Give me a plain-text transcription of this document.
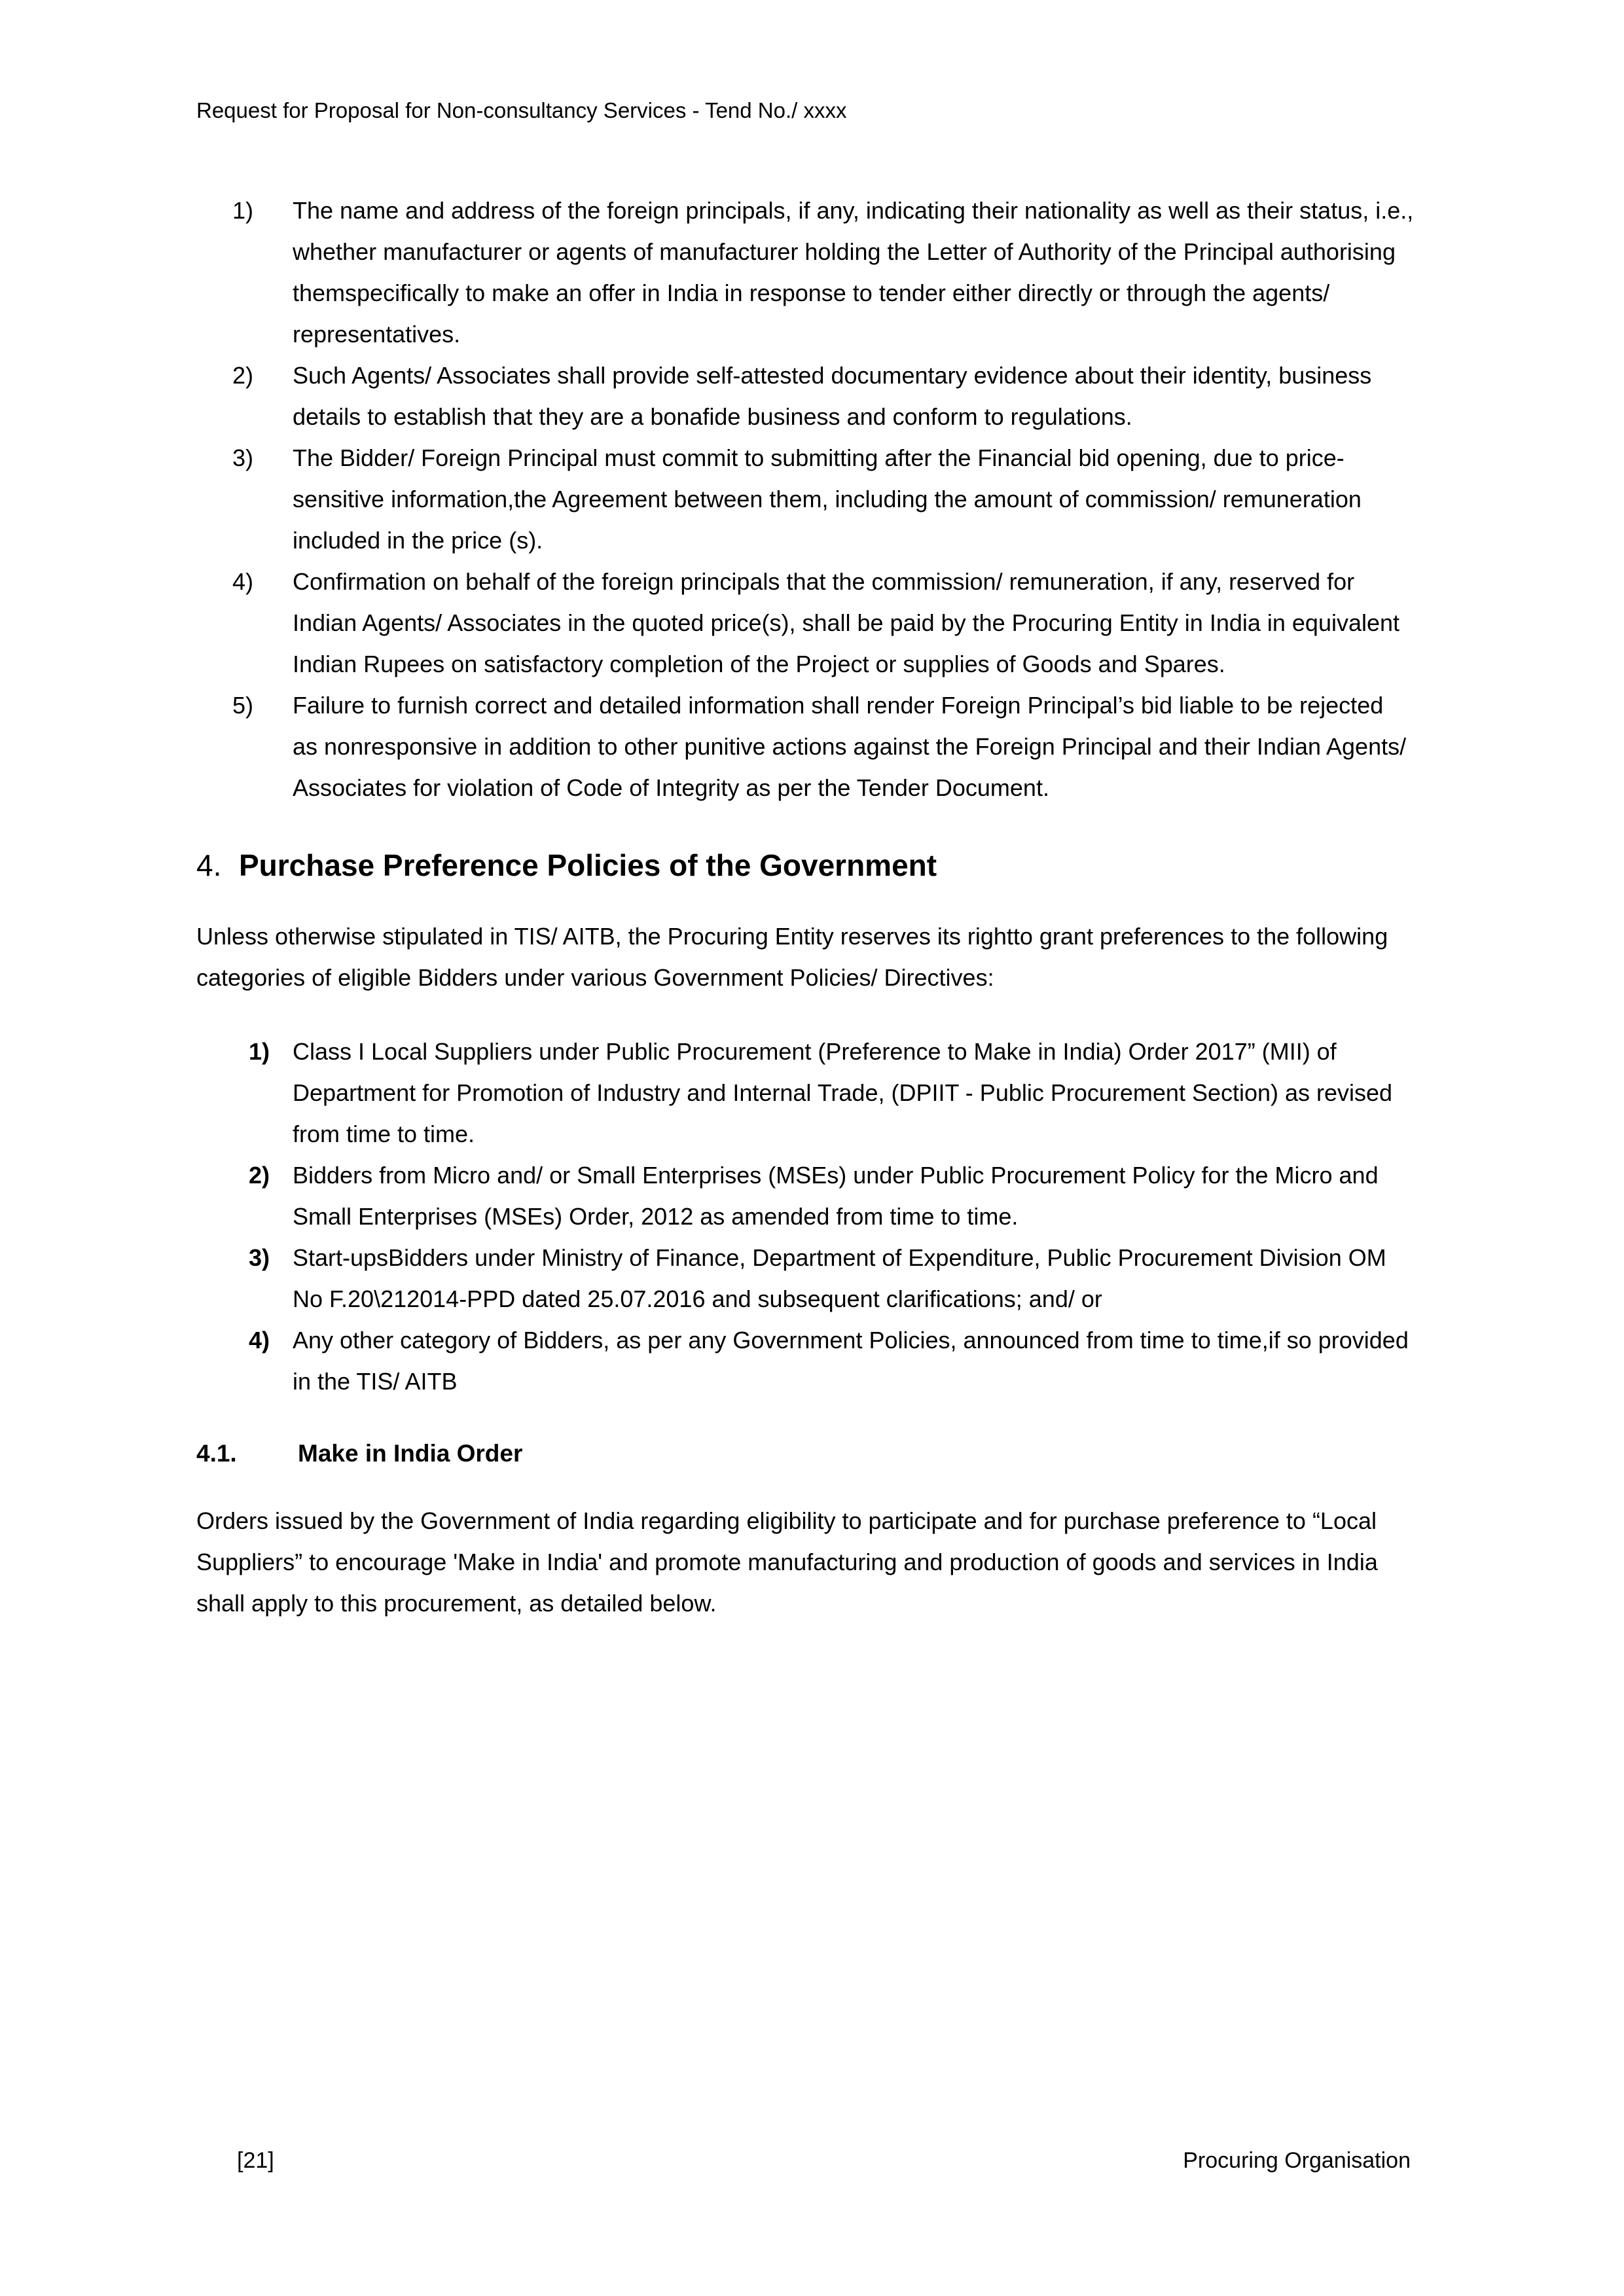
Request for Proposal for Non-consultancy Services - Tend No./ xxxx
1)	The name and address of the foreign principals, if any, indicating their nationality as well as their status, i.e., whether manufacturer or agents of manufacturer holding the Letter of Authority of the Principal authorising themspecifically to make an offer in India in response to tender either directly or through the agents/ representatives.
2)	Such Agents/ Associates shall provide self-attested documentary evidence about their identity, business details to establish that they are a bonafide business and conform to regulations.
3)	The Bidder/ Foreign Principal must commit to submitting after the Financial bid opening, due to price-sensitive information,the Agreement between them, including the amount of commission/ remuneration included in the price (s).
4)	Confirmation on behalf of the foreign principals that the commission/ remuneration, if any, reserved for Indian Agents/ Associates in the quoted price(s), shall be paid by the Procuring Entity in India in equivalent Indian Rupees on satisfactory completion of the Project or supplies of Goods and Spares.
5)	Failure to furnish correct and detailed information shall render Foreign Principal’s bid liable to be rejected as nonresponsive in addition to other punitive actions against the Foreign Principal and their Indian Agents/ Associates for violation of Code of Integrity as per the Tender Document.
4. Purchase Preference Policies of the Government
Unless otherwise stipulated in TIS/ AITB, the Procuring Entity reserves its rightto grant preferences to the following categories of eligible Bidders under various Government Policies/ Directives:
1) Class I Local Suppliers under Public Procurement (Preference to Make in India) Order 2017” (MII) of Department for Promotion of Industry and Internal Trade, (DPIIT - Public Procurement Section) as revised from time to time.
2) Bidders from Micro and/ or Small Enterprises (MSEs) under Public Procurement Policy for the Micro and Small Enterprises (MSEs) Order, 2012 as amended from time to time.
3) Start-upsBidders under Ministry of Finance, Department of Expenditure, Public Procurement Division OM No F.20\212014-PPD dated 25.07.2016 and subsequent clarifications; and/ or
4) Any other category of Bidders, as per any Government Policies, announced from time to time,if so provided in the TIS/ AITB
4.1.	Make in India Order
Orders issued by the Government of India regarding eligibility to participate and for purchase preference to “Local Suppliers” to encourage 'Make in India' and promote manufacturing and production of goods and services in India shall apply to this procurement, as detailed below.
[21]	Procuring Organisation
